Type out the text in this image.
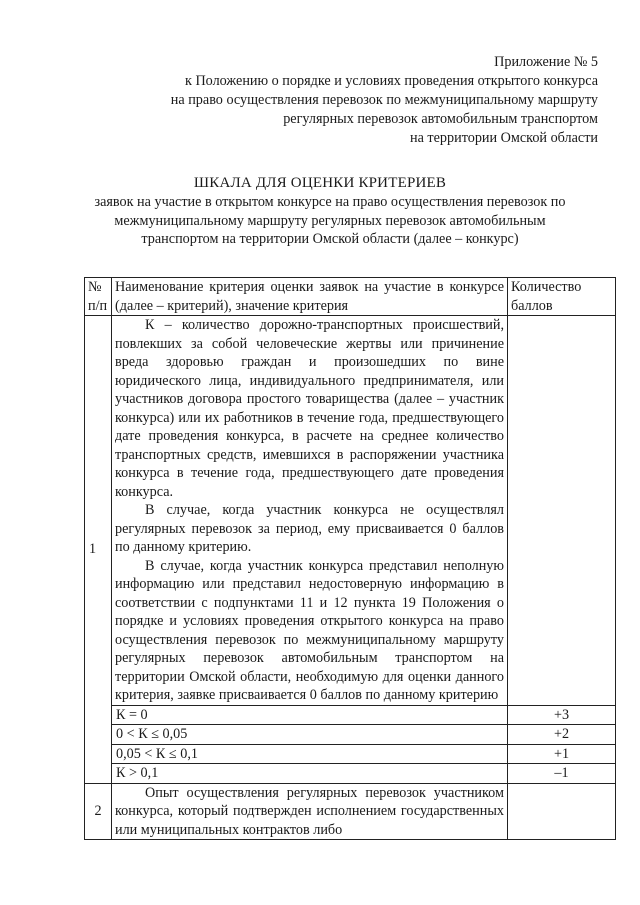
Приложение № 5
к Положению о порядке и условиях проведения открытого конкурса
на право осуществления перевозок по межмуниципальному маршруту
регулярных перевозок автомобильным транспортом
на территории Омской области
ШКАЛА ДЛЯ ОЦЕНКИ КРИТЕРИЕВ
заявок на участие в открытом конкурсе на право осуществления перевозок по
межмуниципальному маршруту регулярных перевозок автомобильным
транспортом на территории Омской области (далее – конкурс)
№ п/п	Наименование критерия оценки заявок на участие в конкурсе (далее – критерий), значение критерия	Количество баллов
1	К – количество дорожно-транспортных происшествий, повлекших за собой человеческие жертвы или причинение вреда здоровью граждан и произошедших по вине юридического лица, индивидуального предпринимателя, или участников договора простого товарищества (далее – участник конкурса) или их работников в течение года, предшествующего дате проведения конкурса, в расчете на среднее количество транспортных средств, имевшихся в распоряжении участника конкурса в течение года, предшествующего дате проведения конкурса.

В случае, когда участник конкурса не осуществлял регулярных перевозок за период, ему присваивается 0 баллов по данному критерию.

В случае, когда участник конкурса представил неполную информацию или представил недостоверную информацию в соответствии с подпунктами 11 и 12 пункта 19 Положения о порядке и условиях проведения открытого конкурса на право осуществления перевозок по межмуниципальному маршруту регулярных перевозок автомобильным транспортом на территории Омской области, необходимую для оценки данного критерия, заявке присваивается 0 баллов по данному критерию	

	К = 0	+3
	0 < К ≤ 0,05	+2
	0,05 < К ≤ 0,1	+1
	К > 0,1	–1
2	Опыт осуществления регулярных перевозок участником конкурса, который подтвержден исполнением государственных или муниципальных контрактов либо	
